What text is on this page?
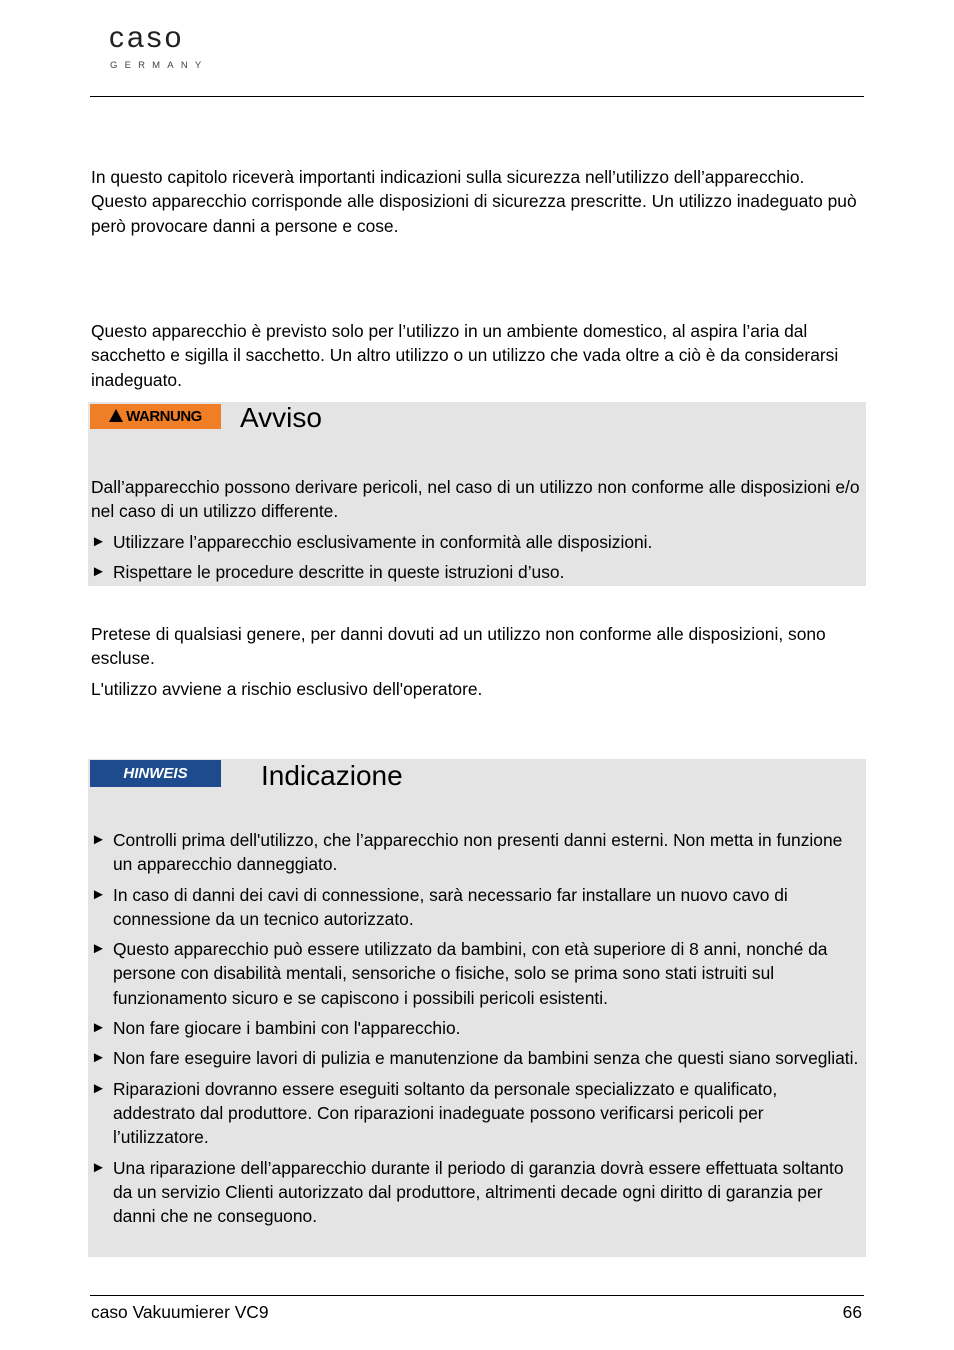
caso
GERMANY

In questo capitolo riceverà importanti indicazioni sulla sicurezza nell’utilizzo dell’apparecchio.

Questo apparecchio corrisponde alle disposizioni di sicurezza prescritte. Un utilizzo inadeguato può però provocare danni a persone e cose.

Questo apparecchio è previsto solo per l’utilizzo in un ambiente domestico, al aspira l’aria dal sacchetto e sigilla il sacchetto. Un altro utilizzo o un utilizzo che vada oltre a ciò è da considerarsi inadeguato.

WARNUNG Avviso

Dall’apparecchio possono derivare pericoli, nel caso di un utilizzo non conforme alle disposizioni e/o nel caso di un utilizzo differente.

► Utilizzare l’apparecchio esclusivamente in conformità alle disposizioni.
► Rispettare le procedure descritte in queste istruzioni d’uso.

Pretese di qualsiasi genere, per danni dovuti ad un utilizzo non conforme alle disposizioni, sono escluse.

L'utilizzo avviene a rischio esclusivo dell'operatore.

HINWEIS	Indicazione
► Controlli prima dell'utilizzo, che l’apparecchio non presenti danni esterni. Non metta in funzione un apparecchio danneggiato.
► In caso di danni dei cavi di connessione, sarà necessario far installare un nuovo cavo di connessione da un tecnico autorizzato.
► Questo apparecchio può essere utilizzato da bambini, con età superiore di 8 anni, nonché da persone con disabilità mentali, sensoriche o fisiche, solo se prima sono stati istruiti sul funzionamento sicuro e se capiscono i possibili pericoli esistenti.
► Non fare giocare i bambini con l'apparecchio.
► Non fare eseguire lavori di pulizia e manutenzione da bambini senza che questi siano sorvegliati.
► Riparazioni dovranno essere eseguiti soltanto da personale specializzato e qualificato, addestrato dal produttore. Con riparazioni inadeguate possono verificarsi pericoli per l’utilizzatore.
► Una riparazione dell’apparecchio durante il periodo di garanzia dovrà essere effettuata soltanto da un servizio Clienti autorizzato dal produttore, altrimenti decade ogni diritto di garanzia per danni che ne conseguono.
caso Vakuumierer VC9	66
